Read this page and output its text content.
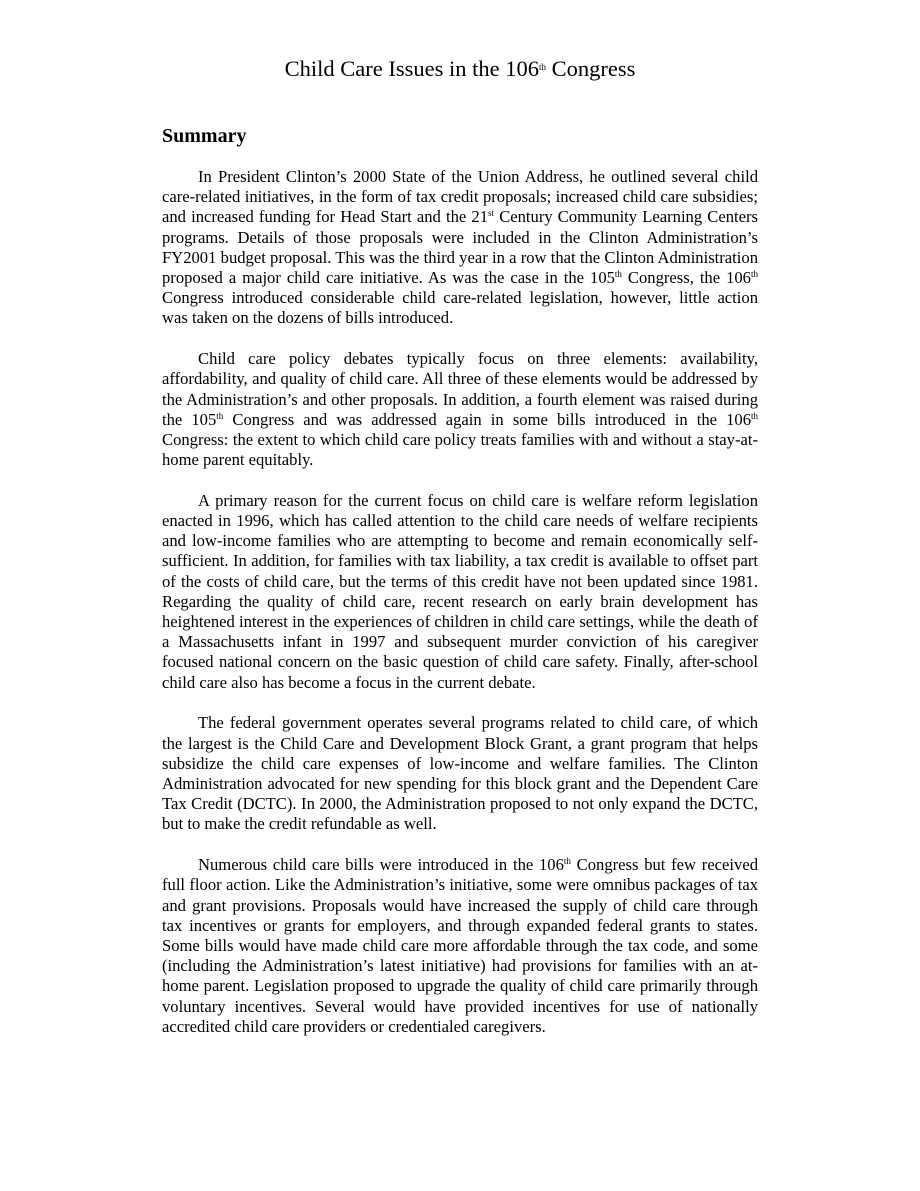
Child Care Issues in the 106th Congress
Summary

In President Clinton’s 2000 State of the Union Address, he outlined several child care-related initiatives, in the form of tax credit proposals; increased child care subsidies; and increased funding for Head Start and the 21st Century Community Learning Centers programs. Details of those proposals were included in the Clinton Administration’s FY2001 budget proposal. This was the third year in a row that the Clinton Administration proposed a major child care initiative. As was the case in the 105th Congress, the 106th Congress introduced considerable child care-related legislation, however, little action was taken on the dozens of bills introduced.

Child care policy debates typically focus on three elements: availability, affordability, and quality of child care. All three of these elements would be addressed by the Administration’s and other proposals. In addition, a fourth element was raised during the 105th Congress and was addressed again in some bills introduced in the 106th Congress: the extent to which child care policy treats families with and without a stay-at-home parent equitably.

A primary reason for the current focus on child care is welfare reform legislation enacted in 1996, which has called attention to the child care needs of welfare recipients and low-income families who are attempting to become and remain economically self-sufficient. In addition, for families with tax liability, a tax credit is available to offset part of the costs of child care, but the terms of this credit have not been updated since 1981. Regarding the quality of child care, recent research on early brain development has heightened interest in the experiences of children in child care settings, while the death of a Massachusetts infant in 1997 and subsequent murder conviction of his caregiver focused national concern on the basic question of child care safety. Finally, after-school child care also has become a focus in the current debate.

The federal government operates several programs related to child care, of which the largest is the Child Care and Development Block Grant, a grant program that helps subsidize the child care expenses of low-income and welfare families. The Clinton Administration advocated for new spending for this block grant and the Dependent Care Tax Credit (DCTC). In 2000, the Administration proposed to not only expand the DCTC, but to make the credit refundable as well.

Numerous child care bills were introduced in the 106th Congress but few received full floor action. Like the Administration’s initiative, some were omnibus packages of tax and grant provisions. Proposals would have increased the supply of child care through tax incentives or grants for employers, and through expanded federal grants to states. Some bills would have made child care more affordable through the tax code, and some (including the Administration’s latest initiative) had provisions for families with an at-home parent. Legislation proposed to upgrade the quality of child care primarily through voluntary incentives. Several would have provided incentives for use of nationally accredited child care providers or credentialed caregivers.
